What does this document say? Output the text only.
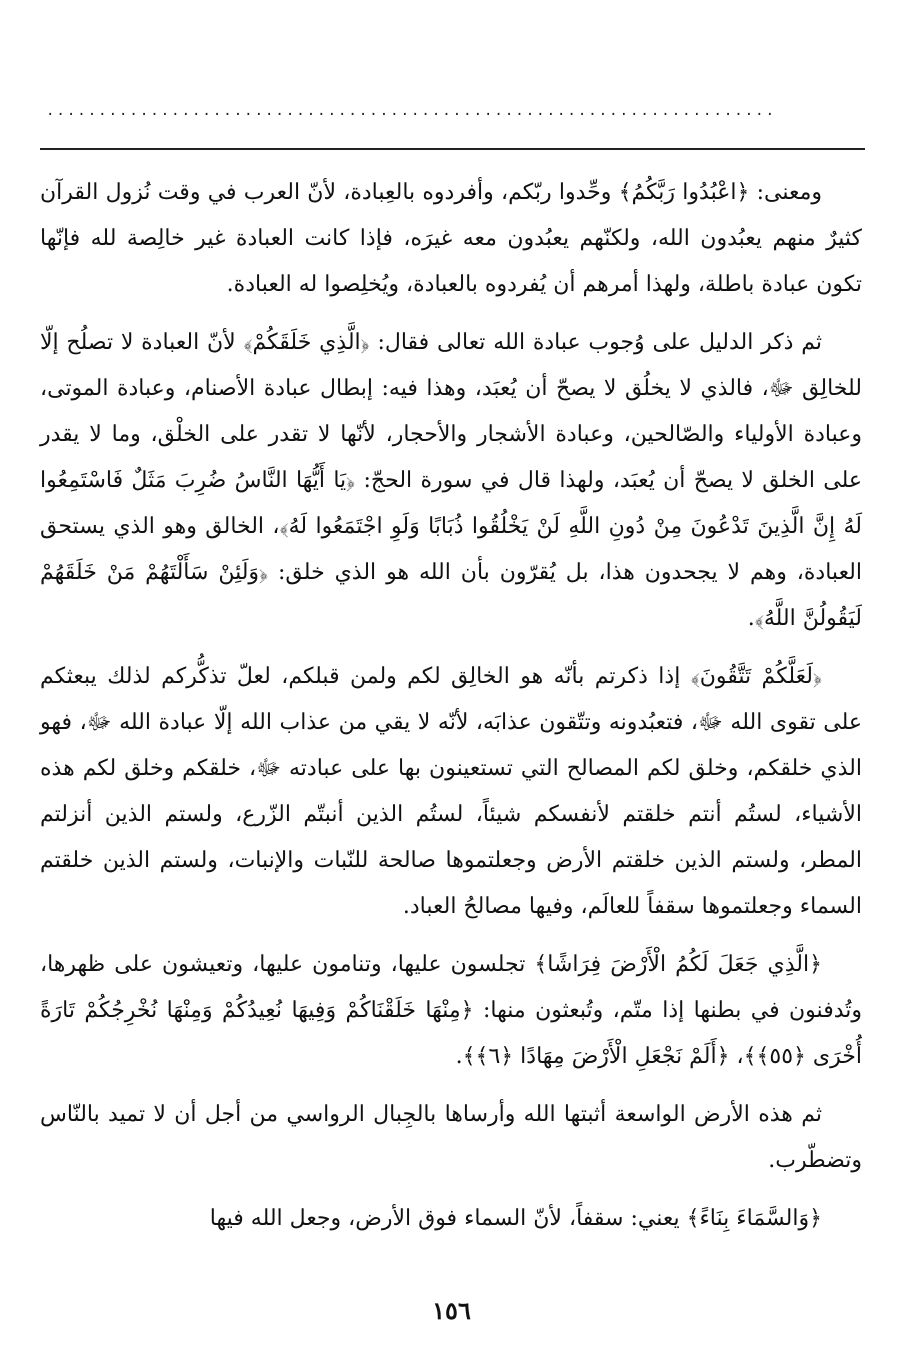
......................................................................

ومعنى: ﴿اعْبُدُوا رَبَّكُمُ﴾ وحِّدوا ربّكم، وأفردوه بالعِبادة، لأنّ العرب في وقت نُزول القرآن كثيرٌ منهم يعبُدون الله، ولكنّهم يعبُدون معه غيرَه، فإذا كانت العبادة غير خالِصة لله فإنّها تكون عبادة باطلة، ولهذا أمرهم أن يُفردوه بالعبادة، ويُخلِصوا له العبادة.

ثم ذكر الدليل على وُجوب عبادة الله تعالى فقال: ﴿الَّذِي خَلَقَكُمْ﴾ لأنّ العبادة لا تصلُح إلّا للخالِق ﷻ، فالذي لا يخلُق لا يصحّ أن يُعبَد، وهذا فيه: إبطال عبادة الأصنام، وعبادة الموتى، وعبادة الأولياء والصّالحين، وعبادة الأشجار والأحجار، لأنّها لا تقدر على الخلْق، وما لا يقدر على الخلق لا يصحّ أن يُعبَد، ولهذا قال في سورة الحجّ: ﴿يَا أَيُّهَا النَّاسُ ضُرِبَ مَثَلٌ فَاسْتَمِعُوا لَهُ إِنَّ الَّذِينَ تَدْعُونَ مِنْ دُونِ اللَّهِ لَنْ يَخْلُقُوا ذُبَابًا وَلَوِ اجْتَمَعُوا لَهُ﴾، الخالق وهو الذي يستحق العبادة، وهم لا يجحدون هذا، بل يُقرّون بأن الله هو الذي خلق: ﴿وَلَئِنْ سَأَلْتَهُمْ مَنْ خَلَقَهُمْ لَيَقُولُنَّ اللَّهُ﴾.

﴿لَعَلَّكُمْ تَتَّقُونَ﴾ إذا ذكرتم بأنّه هو الخالِق لكم ولمن قبلكم، لعلّ تذكُّركم لذلك يبعثكم على تقوى الله ﷻ، فتعبُدونه وتتّقون عذابَه، لأنّه لا يقي من عذاب الله إلّا عبادة الله ﷻ، فهو الذي خلقكم، وخلق لكم المصالح التي تستعينون بها على عبادته ﷻ، خلقكم وخلق لكم هذه الأشياء، لستُم أنتم خلقتم لأنفسكم شيئاً، لستُم الذين أنبتّم الزّرع، ولستم الذين أنزلتم المطر، ولستم الذين خلقتم الأرض وجعلتموها صالحة للنّبات والإنبات، ولستم الذين خلقتم السماء وجعلتموها سقفاً للعالَم، وفيها مصالحُ العباد.

﴿الَّذِي جَعَلَ لَكُمُ الْأَرْضَ فِرَاشًا﴾ تجلسون عليها، وتنامون عليها، وتعيشون على ظهرها، وتُدفنون في بطنها إذا متّم، وتُبعثون منها: ﴿مِنْهَا خَلَقْنَاكُمْ وَفِيهَا نُعِيدُكُمْ وَمِنْهَا نُخْرِجُكُمْ تَارَةً أُخْرَى ﴿٥٥﴾﴾، ﴿أَلَمْ نَجْعَلِ الْأَرْضَ مِهَادًا ﴿٦﴾﴾.

ثم هذه الأرض الواسعة أثبتها الله وأرساها بالجِبال الرواسي من أجل أن لا تميد بالنّاس وتضطّرب.

﴿وَالسَّمَاءَ بِنَاءً﴾ يعني: سقفاً، لأنّ السماء فوق الأرض، وجعل الله فيها

١٥٦
